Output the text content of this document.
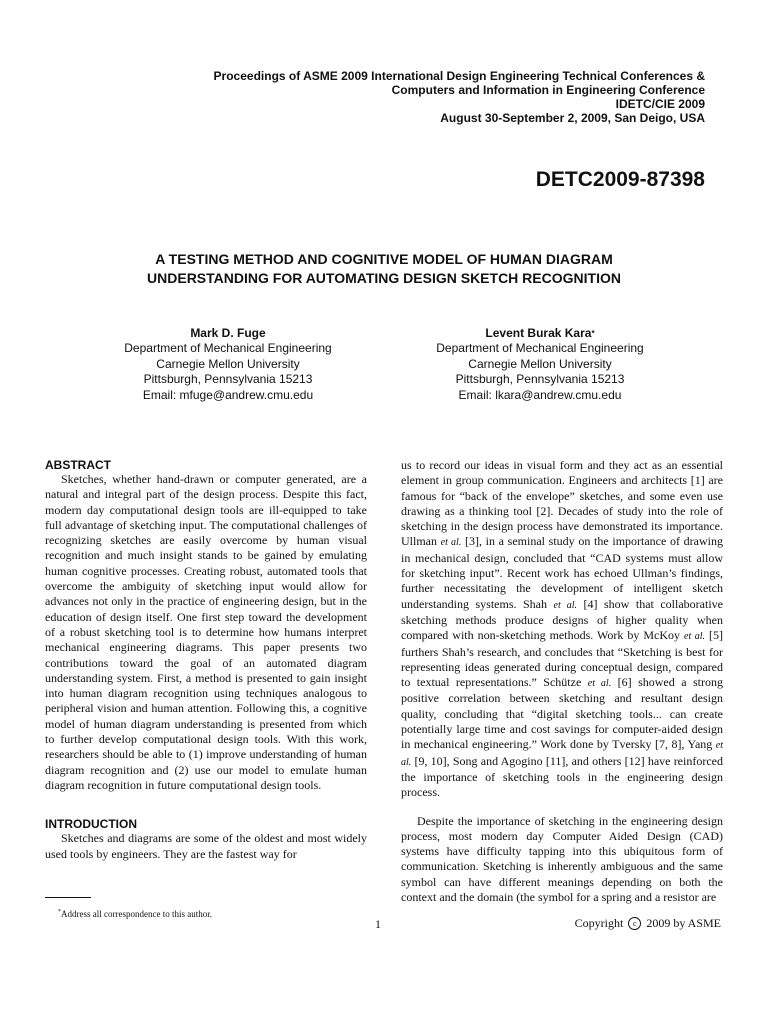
Proceedings of ASME 2009 International Design Engineering Technical Conferences &
Computers and Information in Engineering Conference
IDETC/CIE 2009
August 30-September 2, 2009, San Deigo, USA
DETC2009-87398
A TESTING METHOD AND COGNITIVE MODEL OF HUMAN DIAGRAM
UNDERSTANDING FOR AUTOMATING DESIGN SKETCH RECOGNITION
Mark D. Fuge
Department of Mechanical Engineering
Carnegie Mellon University
Pittsburgh, Pennsylvania 15213
Email: mfuge@andrew.cmu.edu
Levent Burak Kara*
Department of Mechanical Engineering
Carnegie Mellon University
Pittsburgh, Pennsylvania 15213
Email: lkara@andrew.cmu.edu
ABSTRACT

Sketches, whether hand-drawn or computer generated, are a natural and integral part of the design process. Despite this fact, modern day computational design tools are ill-equipped to take full advantage of sketching input. The computational challenges of recognizing sketches are easily overcome by human visual recognition and much insight stands to be gained by emulating human cognitive processes. Creating robust, automated tools that overcome the ambiguity of sketching input would allow for advances not only in the practice of engineering design, but in the education of design itself. One first step toward the development of a robust sketching tool is to determine how humans interpret mechanical engineering diagrams. This paper presents two contributions toward the goal of an automated diagram understanding system. First, a method is presented to gain insight into human diagram recognition using techniques analogous to peripheral vision and human attention. Following this, a cognitive model of human diagram understanding is presented from which to further develop computational design tools. With this work, researchers should be able to (1) improve understanding of human diagram recognition and (2) use our model to emulate human diagram recognition in future computational design tools.

INTRODUCTION

Sketches and diagrams are some of the oldest and most widely used tools by engineers. They are the fastest way for

us to record our ideas in visual form and they act as an essential element in group communication. Engineers and architects [1] are famous for “back of the envelope” sketches, and some even use drawing as a thinking tool [2]. Decades of study into the role of sketching in the design process have demonstrated its importance. Ullman et al. [3], in a seminal study on the importance of drawing in mechanical design, concluded that “CAD systems must allow for sketching input”. Recent work has echoed Ullman’s findings, further necessitating the development of intelligent sketch understanding systems. Shah et al. [4] show that collaborative sketching methods produce designs of higher quality when compared with non-sketching methods. Work by McKoy et al. [5] furthers Shah’s research, and concludes that “Sketching is best for representing ideas generated during conceptual design, compared to textual representations.” Schütze et al. [6] showed a strong positive correlation between sketching and resultant design quality, concluding that “digital sketching tools... can create potentially large time and cost savings for computer-aided design in mechanical engineering.” Work done by Tversky [7, 8], Yang et al. [9, 10], Song and Agogino [11], and others [12] have reinforced the importance of sketching tools in the engineering design process.

Despite the importance of sketching in the engineering design process, most modern day Computer Aided Design (CAD) systems have difficulty tapping into this ubiquitous form of communication. Sketching is inherently ambiguous and the same symbol can have different meanings depending on both the context and the domain (the symbol for a spring and a resistor are

*Address all correspondence to this author.
1	Copyright c 2009 by ASME
